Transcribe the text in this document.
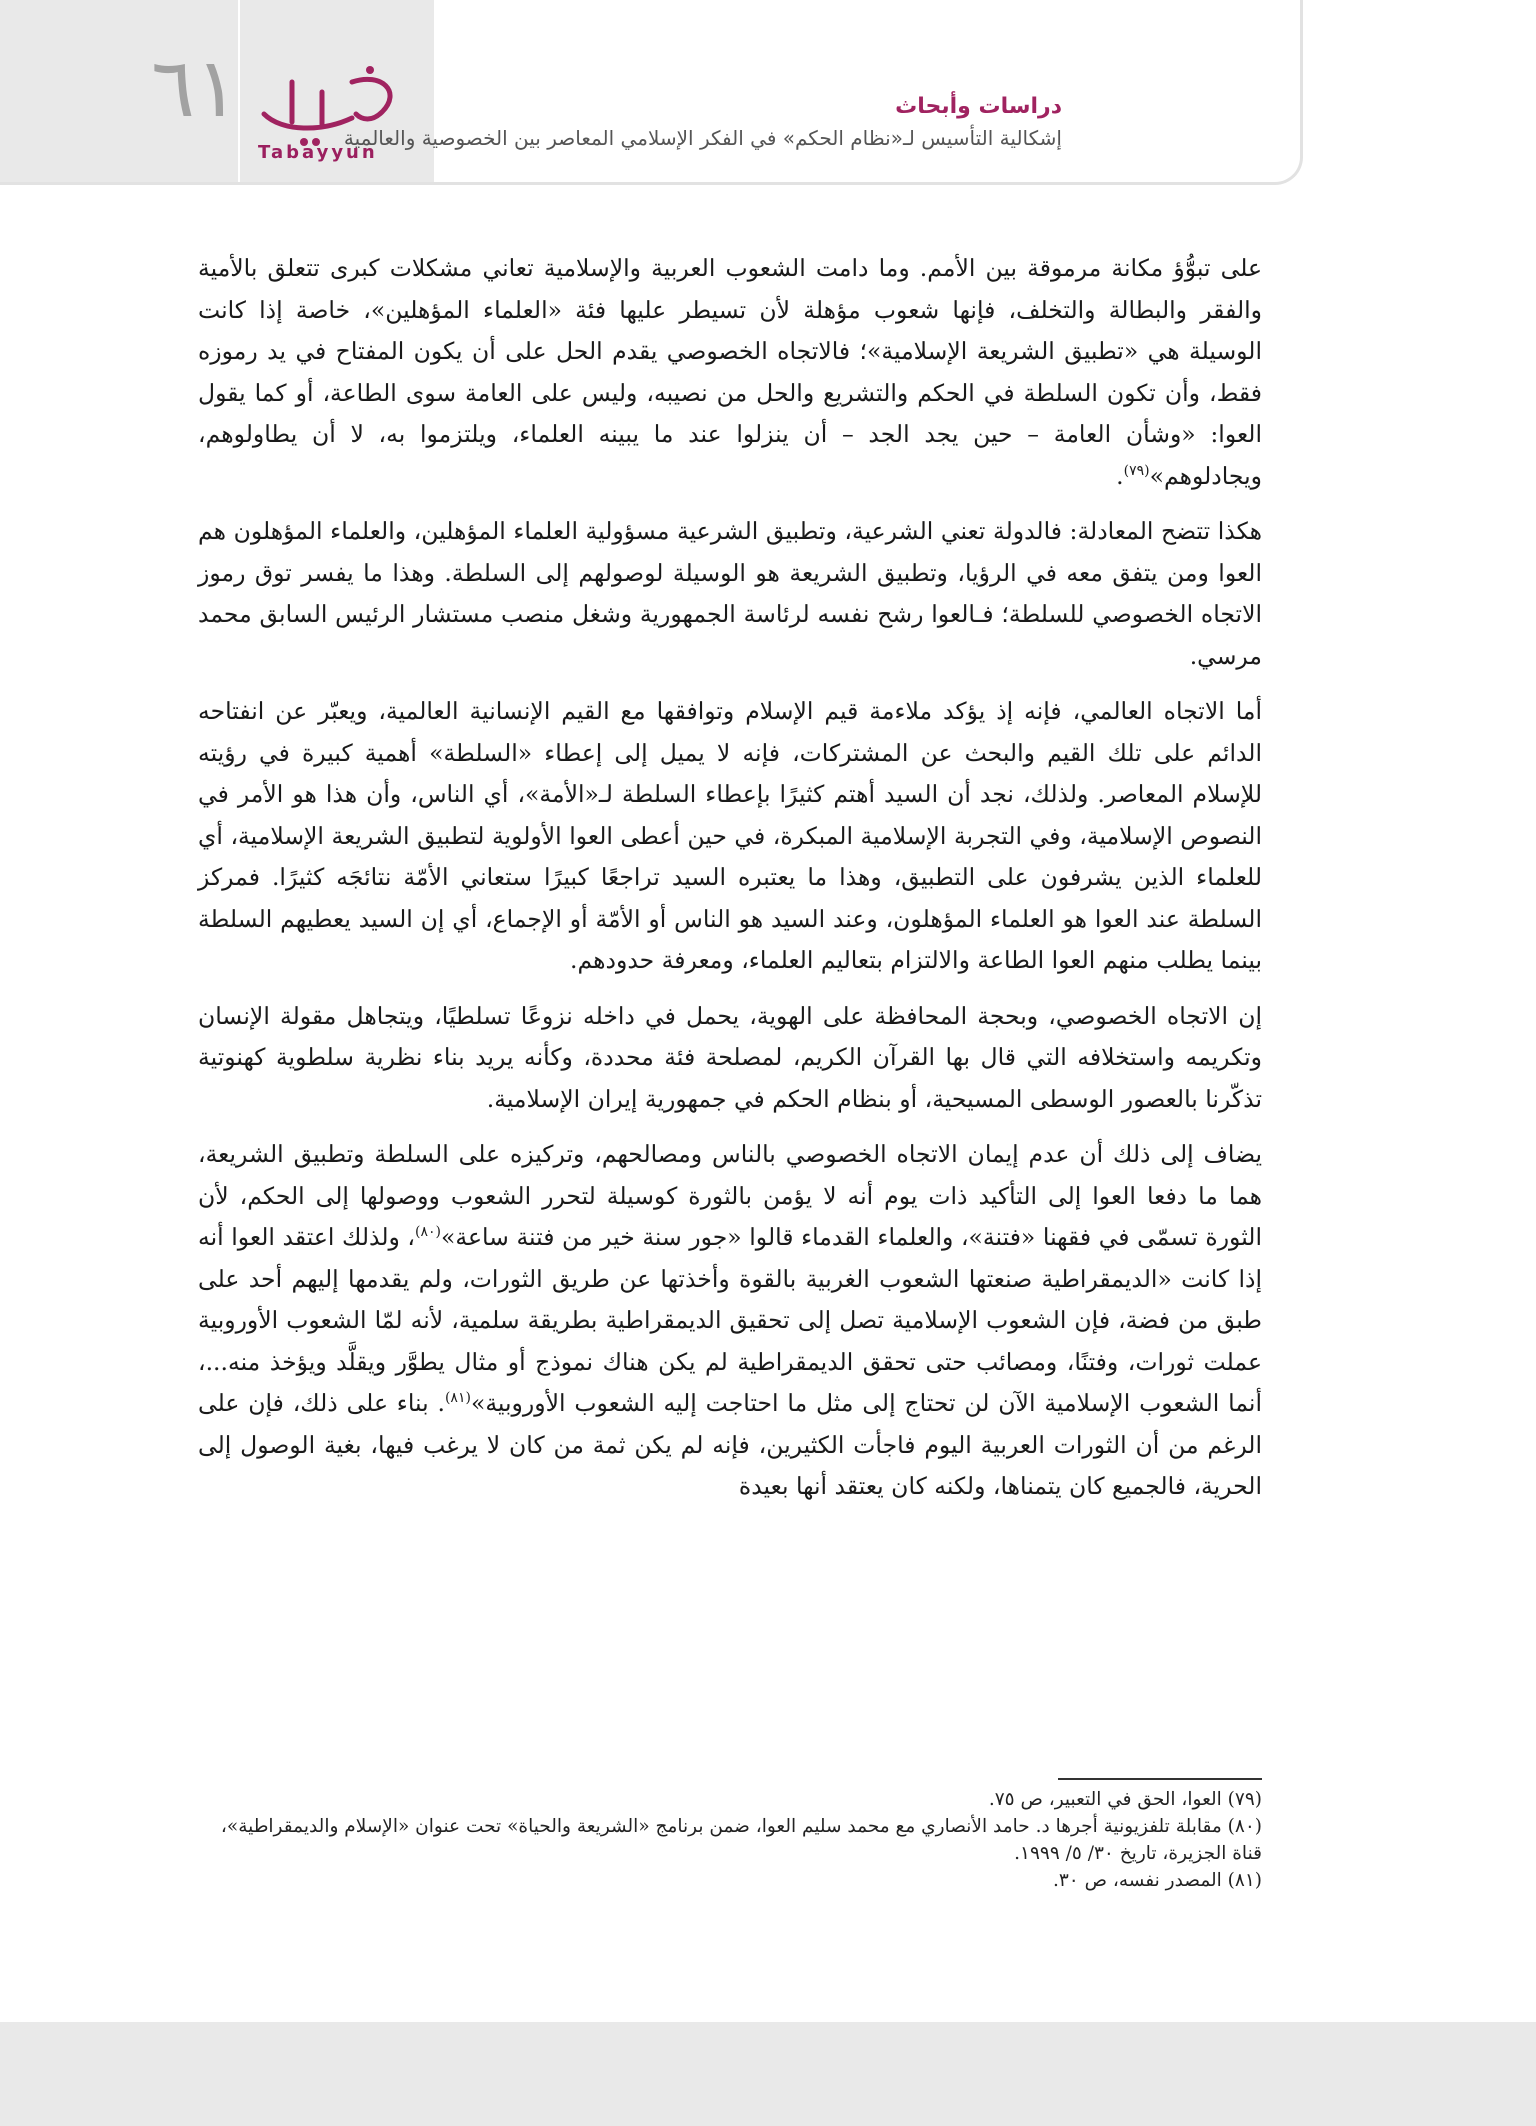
٦١
Tabayyun
دراسات وأبحاث
إشكالية التأسيس لـ«نظام الحكم» في الفكر الإسلامي المعاصر بين الخصوصية والعالمية

على تبوُّؤ مكانة مرموقة بين الأمم. وما دامت الشعوب العربية والإسلامية تعاني مشكلات كبرى تتعلق بالأمية والفقر والبطالة والتخلف، فإنها شعوب مؤهلة لأن تسيطر عليها فئة «العلماء المؤهلين»، خاصة إذا كانت الوسيلة هي «تطبيق الشريعة الإسلامية»؛ فالاتجاه الخصوصي يقدم الحل على أن يكون المفتاح في يد رموزه فقط، وأن تكون السلطة في الحكم والتشريع والحل من نصيبه، وليس على العامة سوى الطاعة، أو كما يقول العوا: «وشأن العامة – حين يجد الجد – أن ينزلوا عند ما يبينه العلماء، ويلتزموا به، لا أن يطاولوهم، ويجادلوهم»$^{(٧٩)}$.

هكذا تتضح المعادلة: فالدولة تعني الشرعية، وتطبيق الشرعية مسؤولية العلماء المؤهلين، والعلماء المؤهلون هم العوا ومن يتفق معه في الرؤيا، وتطبيق الشريعة هو الوسيلة لوصولهم إلى السلطة. وهذا ما يفسر توق رموز الاتجاه الخصوصي للسلطة؛ فـالعوا رشح نفسه لرئاسة الجمهورية وشغل منصب مستشار الرئيس السابق محمد مرسي.

أما الاتجاه العالمي، فإنه إذ يؤكد ملاءمة قيم الإسلام وتوافقها مع القيم الإنسانية العالمية، ويعبّر عن انفتاحه الدائم على تلك القيم والبحث عن المشتركات، فإنه لا يميل إلى إعطاء «السلطة» أهمية كبيرة في رؤيته للإسلام المعاصر. ولذلك، نجد أن السيد أهتم كثيرًا بإعطاء السلطة لـ«الأمة»، أي الناس، وأن هذا هو الأمر في النصوص الإسلامية، وفي التجربة الإسلامية المبكرة، في حين أعطى العوا الأولوية لتطبيق الشريعة الإسلامية، أي للعلماء الذين يشرفون على التطبيق، وهذا ما يعتبره السيد تراجعًا كبيرًا ستعاني الأمّة نتائجَه كثيرًا. فمركز السلطة عند العوا هو العلماء المؤهلون، وعند السيد هو الناس أو الأمّة أو الإجماع، أي إن السيد يعطيهم السلطة بينما يطلب منهم العوا الطاعة والالتزام بتعاليم العلماء، ومعرفة حدودهم.

إن الاتجاه الخصوصي، وبحجة المحافظة على الهوية، يحمل في داخله نزوعًا تسلطيًا، ويتجاهل مقولة الإنسان وتكريمه واستخلافه التي قال بها القرآن الكريم، لمصلحة فئة محددة، وكأنه يريد بناء نظرية سلطوية كهنوتية تذكّرنا بالعصور الوسطى المسيحية، أو بنظام الحكم في جمهورية إيران الإسلامية.

يضاف إلى ذلك أن عدم إيمان الاتجاه الخصوصي بالناس ومصالحهم، وتركيزه على السلطة وتطبيق الشريعة، هما ما دفعا العوا إلى التأكيد ذات يوم أنه لا يؤمن بالثورة كوسيلة لتحرر الشعوب ووصولها إلى الحكم، لأن الثورة تسمّى في فقهنا «فتنة»، والعلماء القدماء قالوا «جور سنة خير من فتنة ساعة»$^{(٨٠)}$، ولذلك اعتقد العوا أنه إذا كانت «الديمقراطية صنعتها الشعوب الغربية بالقوة وأخذتها عن طريق الثورات، ولم يقدمها إليهم أحد على طبق من فضة، فإن الشعوب الإسلامية تصل إلى تحقيق الديمقراطية بطريقة سلمية، لأنه لمّا الشعوب الأوروبية عملت ثورات، وفتنًا، ومصائب حتى تحقق الديمقراطية لم يكن هناك نموذج أو مثال يطوَّر ويقلَّد ويؤخذ منه...، أنما الشعوب الإسلامية الآن لن تحتاج إلى مثل ما احتاجت إليه الشعوب الأوروبية»$^{(٨١)}$. بناء على ذلك، فإن على الرغم من أن الثورات العربية اليوم فاجأت الكثيرين، فإنه لم يكن ثمة من كان لا يرغب فيها، بغية الوصول إلى الحرية، فالجميع كان يتمناها، ولكنه كان يعتقد أنها بعيدة

(٧٩) العوا، الحق في التعبير، ص ٧٥.

(٨٠) مقابلة تلفزيونية أجرها د. حامد الأنصاري مع محمد سليم العوا، ضمن برنامج «الشريعة والحياة» تحت عنوان «الإسلام والديمقراطية»، قناة الجزيرة، تاريخ ٣٠/ ٥/ ١٩٩٩.

(٨١) المصدر نفسه، ص ٣٠.
